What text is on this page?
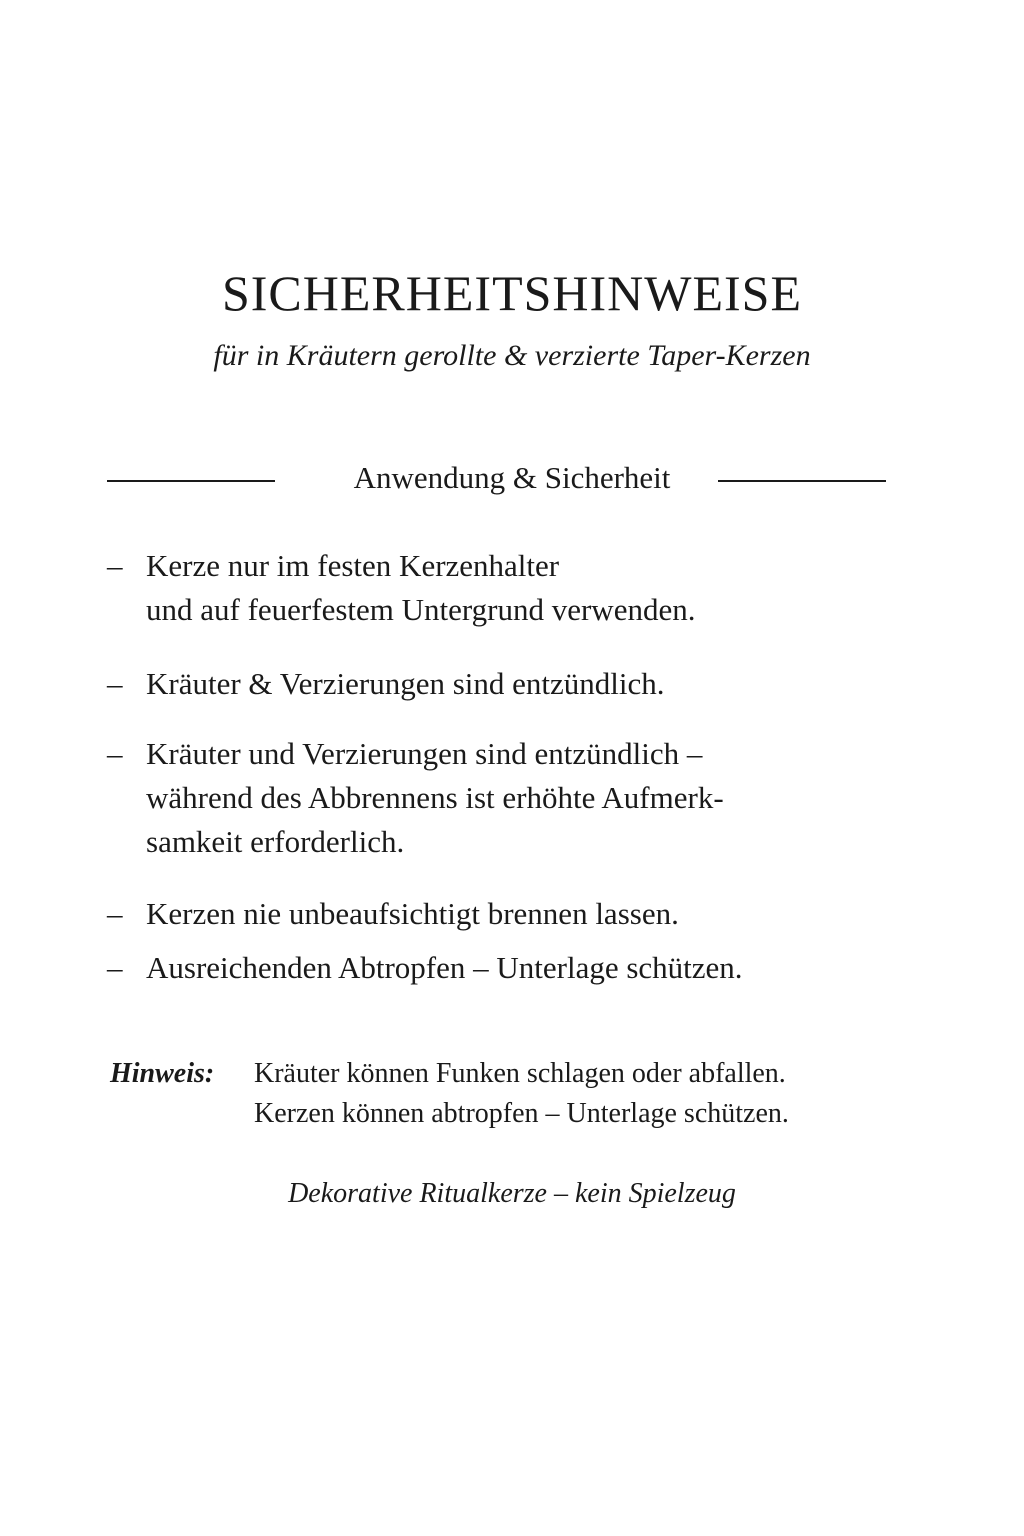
SICHERHEITSHINWEISE

für in Kräutern gerollte & verzierte Taper-Kerzen

Anwendung & Sicherheit
– Kerze nur im festen Kerzenhalter
und auf feuerfestem Untergrund verwenden.
– Kräuter & Verzierungen sind entzündlich.
– Kräuter und Verzierungen sind entzündlich –
während des Abbrennens ist erhöhte Aufmerk-
samkeit erforderlich.
– Kerzen nie unbeaufsichtigt brennen lassen.
– Ausreichenden Abtropfen – Unterlage schützen.
Hinweis: Kräuter können Funken schlagen oder abfallen.
Kerzen können abtropfen – Unterlage schützen.
Dekorative Ritualkerze – kein Spielzeug
